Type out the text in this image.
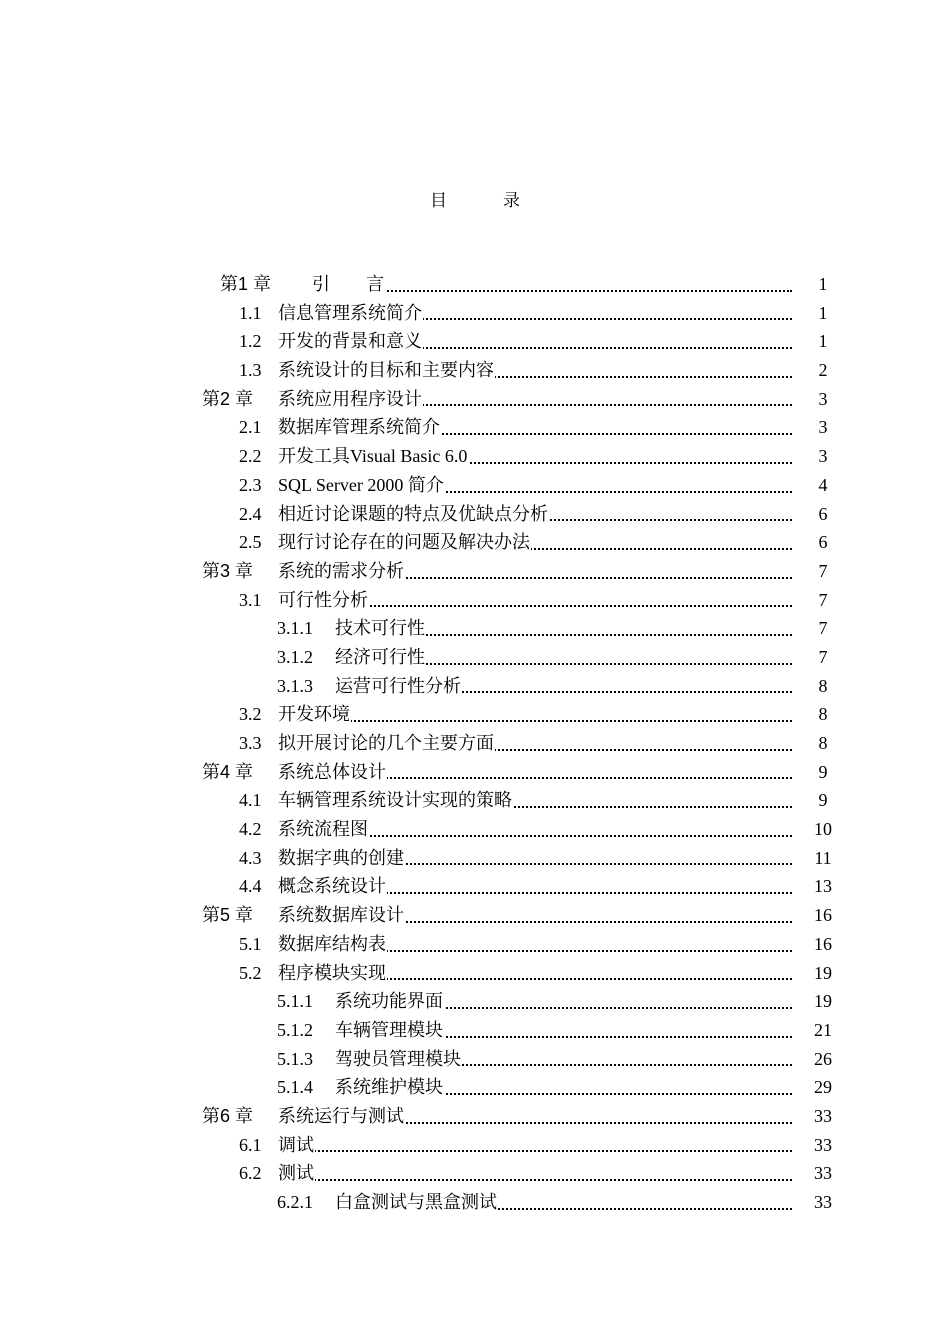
目	录
第1 章 引　　言	1
1.1 信息管理系统简介	1
1.2 开发的背景和意义	1
1.3 系统设计的目标和主要内容	2
第2 章 系统应用程序设计	3
2.1 数据库管理系统简介	3
2.2 开发工具Visual Basic 6.0	3
2.3 SQL Server 2000 简介	4
2.4 相近讨论课题的特点及优缺点分析	6
2.5 现行讨论存在的问题及解决办法	6
第3 章 系统的需求分析	7
3.1 可行性分析	7
3.1.1 技术可行性	7
3.1.2 经济可行性	7
3.1.3 运营可行性分析	8
3.2 开发环境	8
3.3 拟开展讨论的几个主要方面	8
第4 章 系统总体设计	9
4.1 车辆管理系统设计实现的策略	9
4.2 系统流程图	10
4.3 数据字典的创建	11
4.4 概念系统设计	13
第5 章 系统数据库设计	16
5.1 数据库结构表	16
5.2 程序模块实现	19
5.1.1 系统功能界面	19
5.1.2 车辆管理模块	21
5.1.3 驾驶员管理模块	26
5.1.4 系统维护模块	29
第6 章 系统运行与测试	33
6.1 调试	33
6.2 测试	33
6.2.1 白盒测试与黑盒测试	33
